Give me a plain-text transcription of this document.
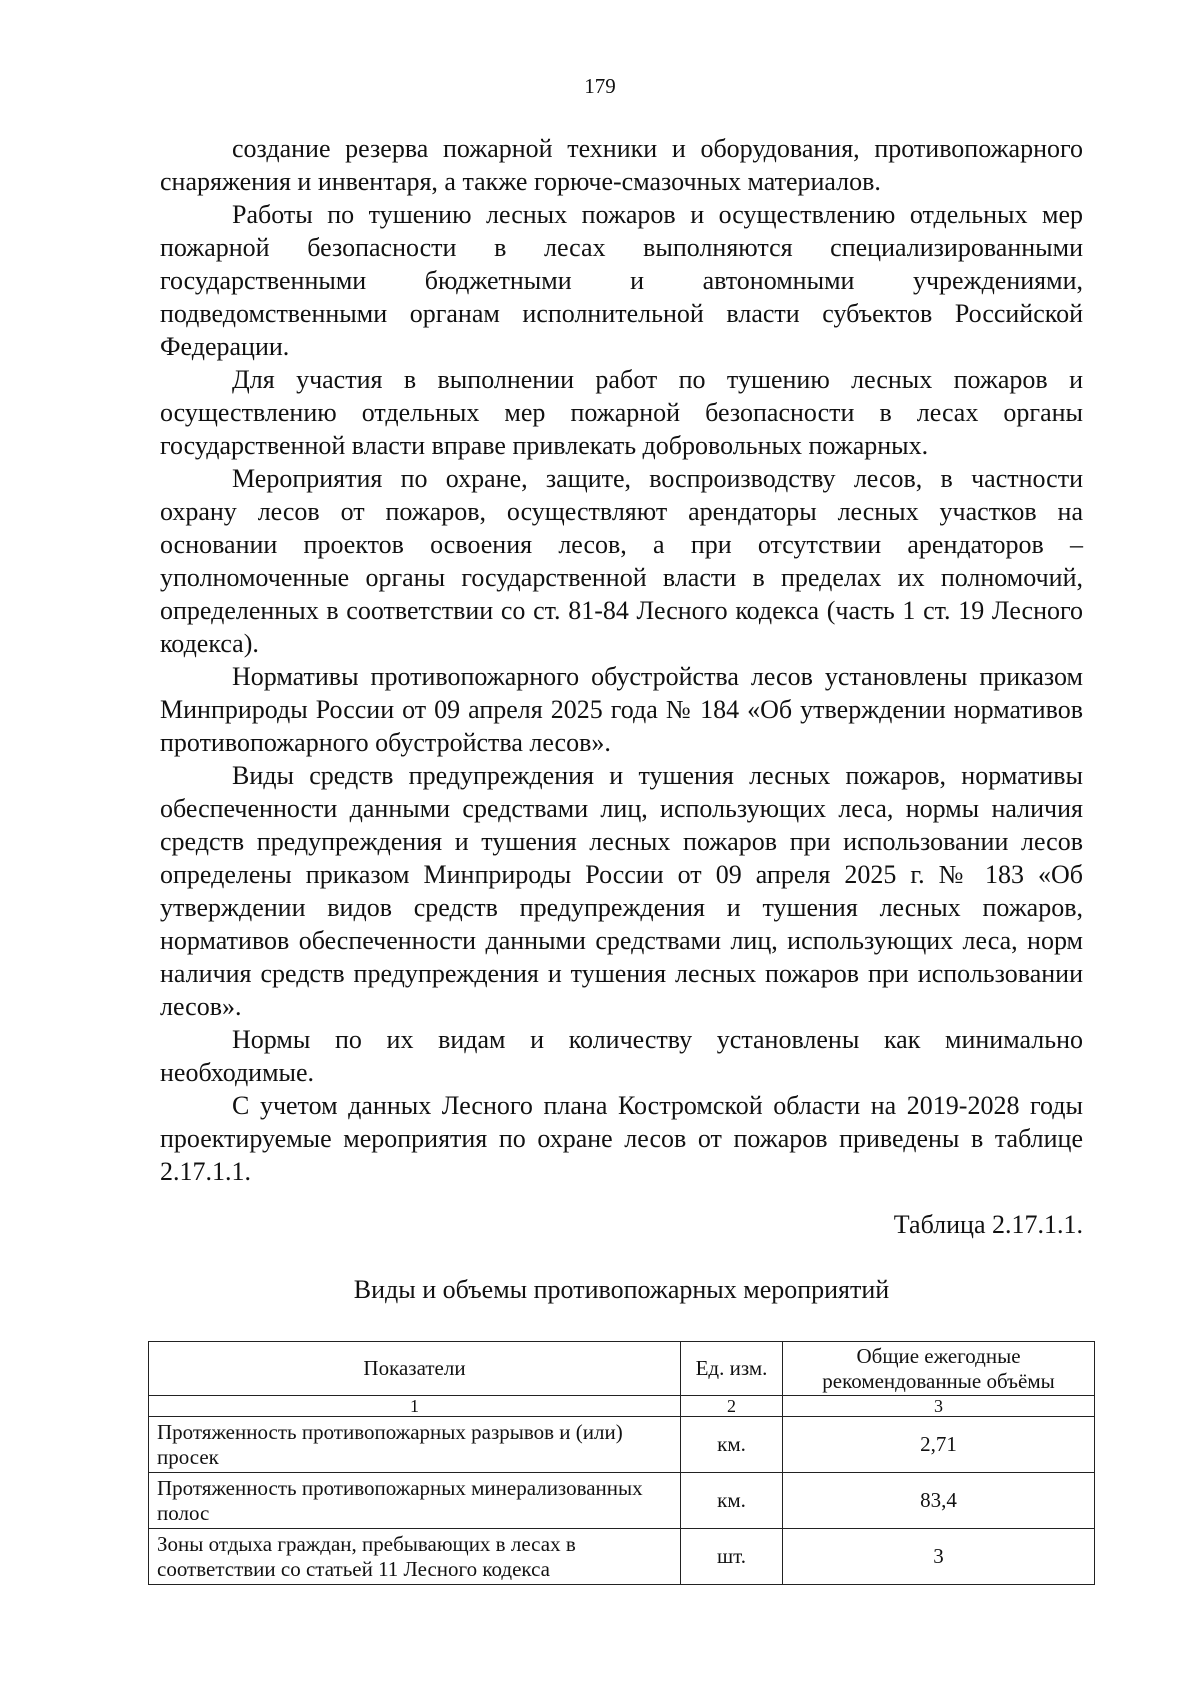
179

создание резерва пожарной техники и оборудования, противопожарного снаряжения и инвентаря, а также горюче-смазочных материалов.

Работы по тушению лесных пожаров и осуществлению отдельных мер пожарной безопасности в лесах выполняются специализированными государственными бюджетными и автономными учреждениями, подведомственными органам исполнительной власти субъектов Российской Федерации.

Для участия в выполнении работ по тушению лесных пожаров и осуществлению отдельных мер пожарной безопасности в лесах органы государственной власти вправе привлекать добровольных пожарных.

Мероприятия по охране, защите, воспроизводству лесов, в частности охрану лесов от пожаров, осуществляют арендаторы лесных участков на основании проектов освоения лесов, а при отсутствии арендаторов – уполномоченные органы государственной власти в пределах их полномочий, определенных в соответствии со ст. 81-84 Лесного кодекса (часть 1 ст. 19 Лесного кодекса).

Нормативы противопожарного обустройства лесов установлены приказом Минприроды России от 09 апреля 2025 года № 184 «Об утверждении нормативов противопожарного обустройства лесов».

Виды средств предупреждения и тушения лесных пожаров, нормативы обеспеченности данными средствами лиц, использующих леса, нормы наличия средств предупреждения и тушения лесных пожаров при использовании лесов определены приказом Минприроды России от 09 апреля 2025 г. № 183 «Об утверждении видов средств предупреждения и тушения лесных пожаров, нормативов обеспеченности данными средствами лиц, использующих леса, норм наличия средств предупреждения и тушения лесных пожаров при использовании лесов».

Нормы по их видам и количеству установлены как минимально необходимые.

С учетом данных Лесного плана Костромской области на 2019-2028 годы проектируемые мероприятия по охране лесов от пожаров приведены в таблице 2.17.1.1.

Таблица 2.17.1.1.
Виды и объемы противопожарных мероприятий
Показатели	Ед. изм.	Общие ежегодные рекомендованные объёмы
1	2	3
Протяженность противопожарных разрывов и (или) просек	км.	2,71
Протяженность противопожарных минерализованных полос	км.	83,4
Зоны отдыха граждан, пребывающих в лесах в соответствии со статьей 11 Лесного кодекса	шт.	3
